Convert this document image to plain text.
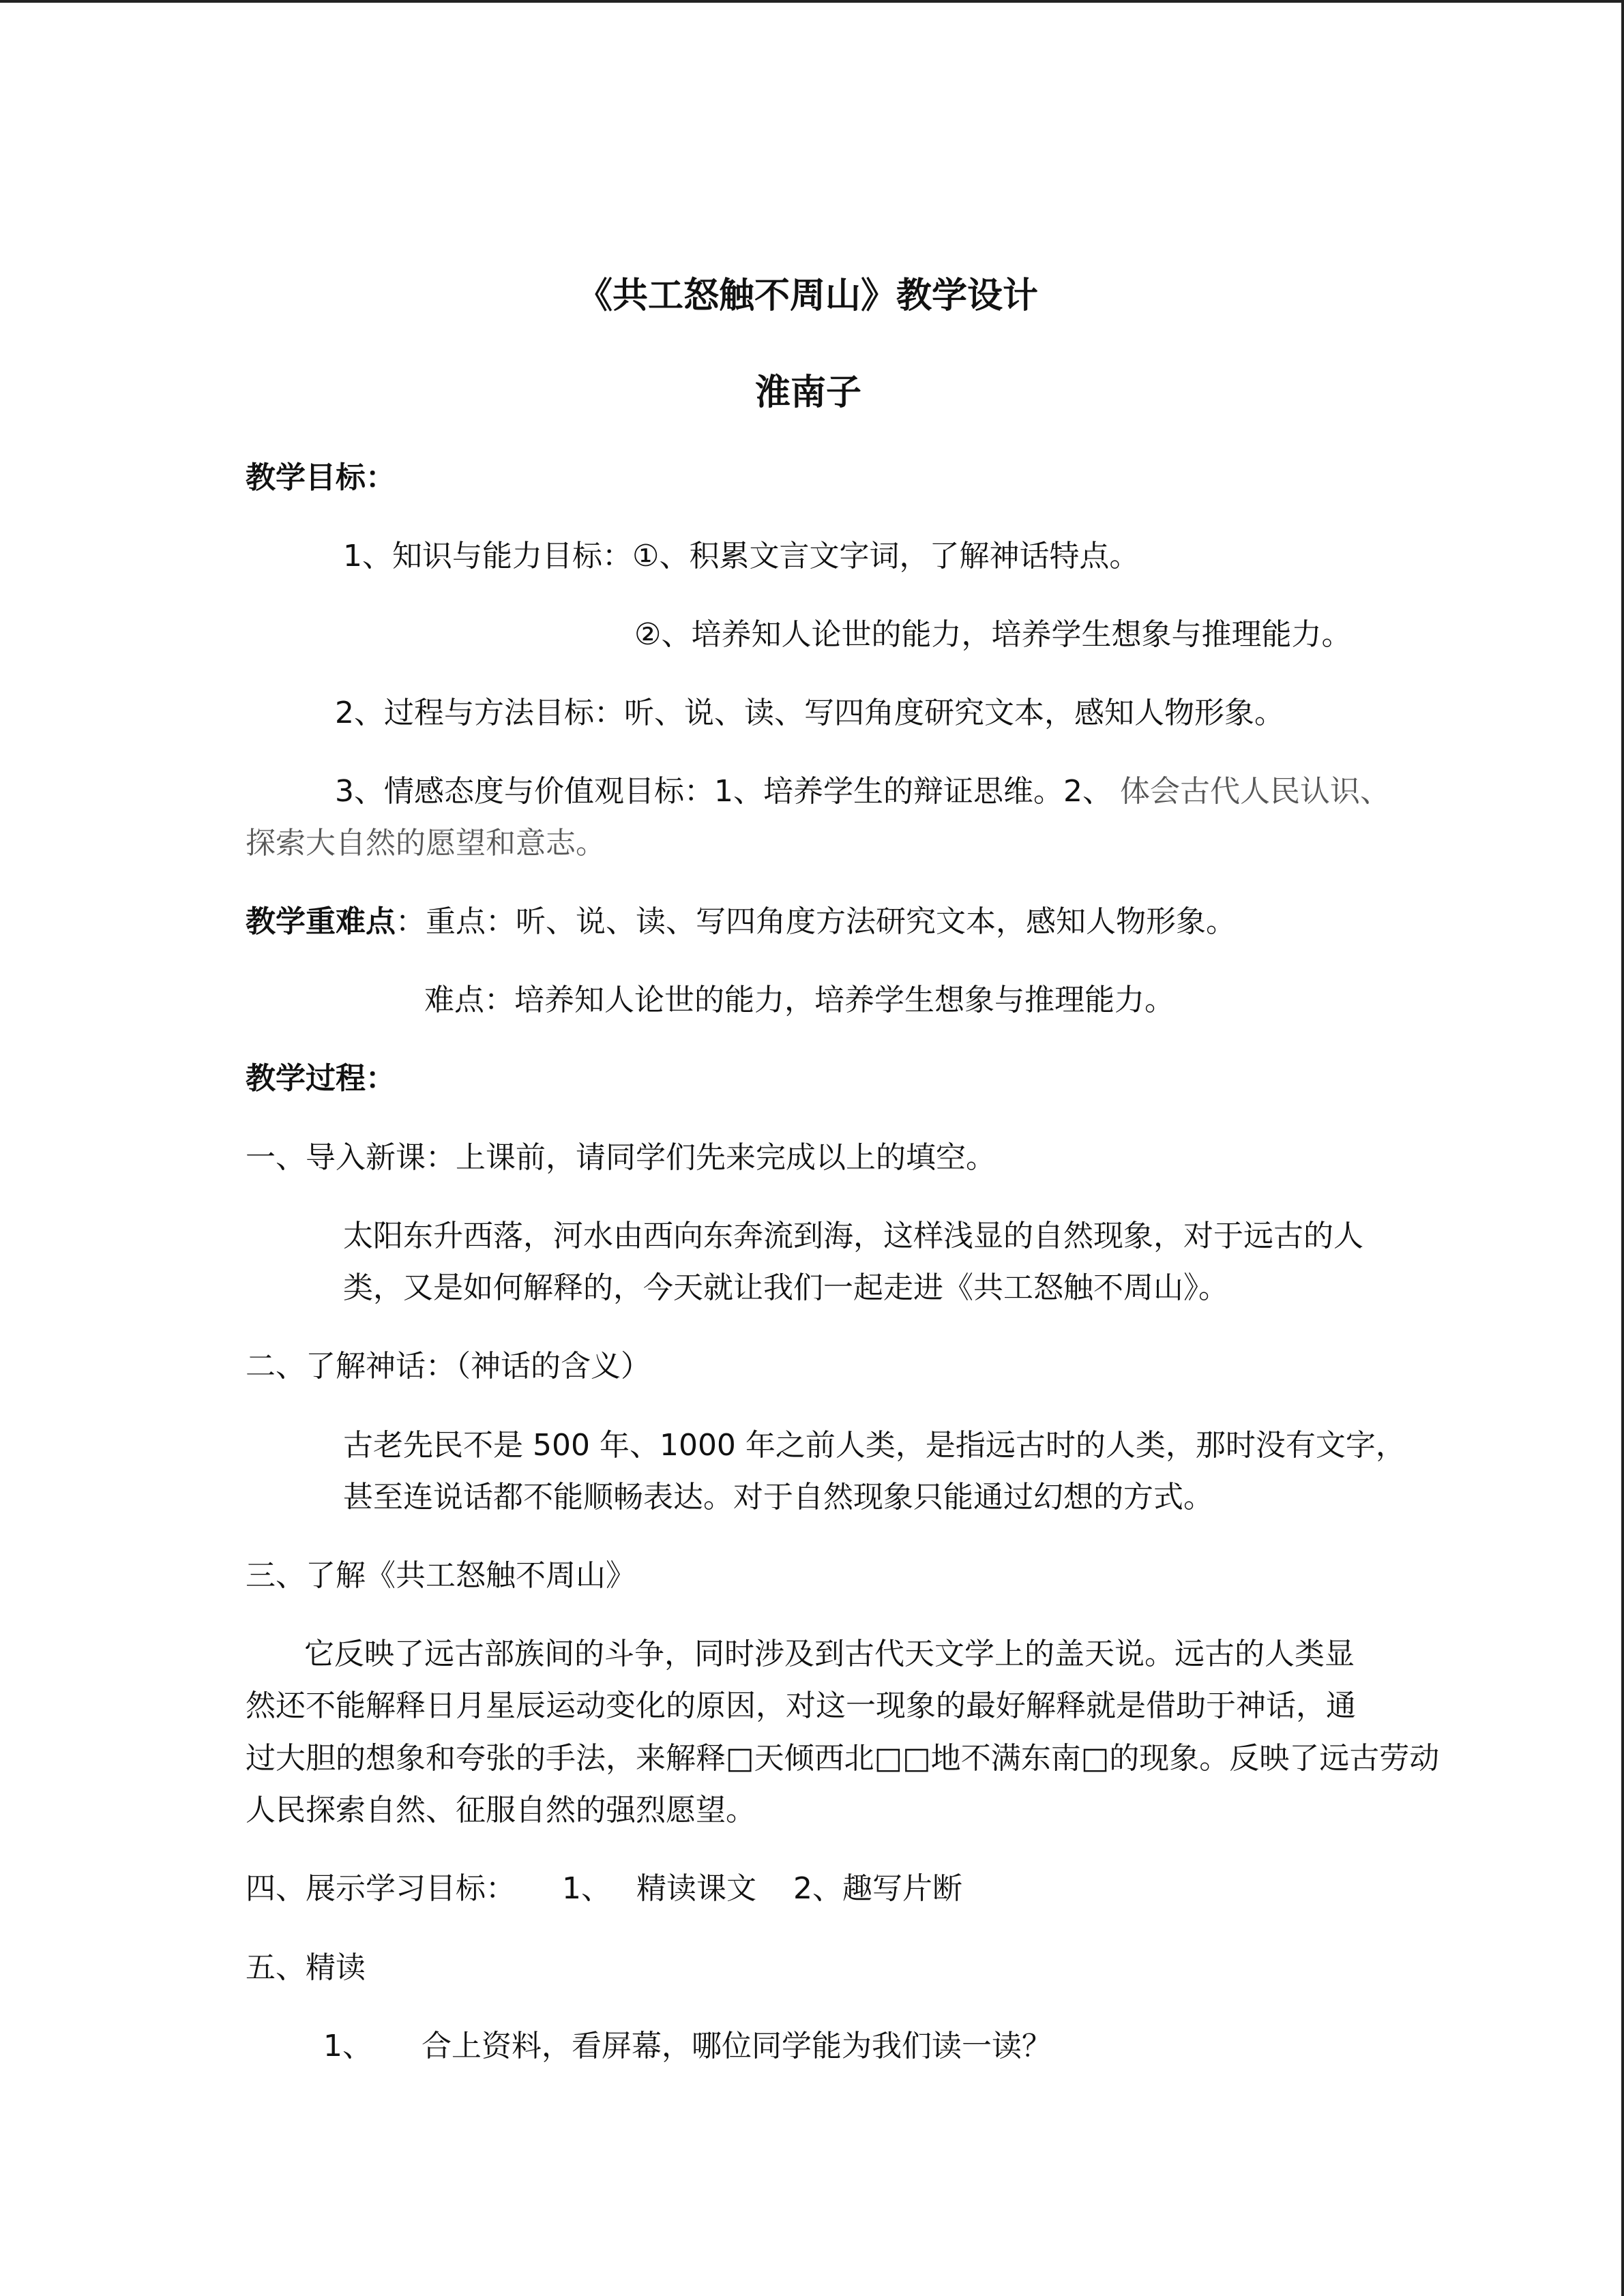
《共工怒触不周山》教学设计
淮南子
教学目标：
1、知识与能力目标：①、积累文言文字词，了解神话特点。
②、培养知人论世的能力，培养学生想象与推理能力。
2、过程与方法目标：听、说、读、写四角度研究文本，感知人物形象。
3、情感态度与价值观目标：1、培养学生的辩证思维。2、 体会古代人民认识、
探索大自然的愿望和意志。
教学重难点：重点：听、说、读、写四角度方法研究文本，感知人物形象。
难点：培养知人论世的能力，培养学生想象与推理能力。
教学过程：
一、导入新课：上课前，请同学们先来完成以上的填空。
太阳东升西落，河水由西向东奔流到海，这样浅显的自然现象，对于远古的人
类，又是如何解释的，今天就让我们一起走进《共工怒触不周山》。
二、了解神话：（神话的含义）
古老先民不是 500 年、1000 年之前人类，是指远古时的人类，那时没有文字，
甚至连说话都不能顺畅表达。对于自然现象只能通过幻想的方式。
三、了解《共工怒触不周山》
它反映了远古部族间的斗争，同时涉及到古代天文学上的盖天说。远古的人类显
然还不能解释日月星辰运动变化的原因，对这一现象的最好解释就是借助于神话，通
过大胆的想象和夸张的手法，来解释□天倾西北□□地不满东南□的现象。反映了远古劳动
人民探索自然、征服自然的强烈愿望。
四、展示学习目标： 1、 精读课文 2、趣写片断
五、精读
1、 合上资料，看屏幕，哪位同学能为我们读一读？
